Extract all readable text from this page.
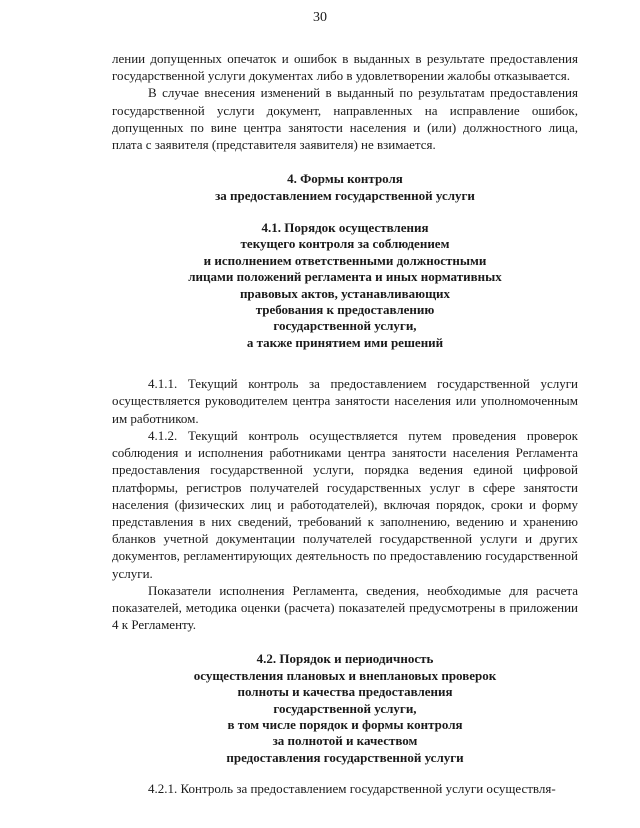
30

лении допущенных опечаток и ошибок в выданных в результате предоставления государственной услуги документах либо в удовлетворении жалобы отказывается.

В случае внесения изменений в выданный по результатам предоставления государственной услуги документ, направленных на исправление ошибок, допущенных по вине центра занятости населения и (или) должностного лица, плата с заявителя (представителя заявителя) не взимается.

4. Формы контроля
за предоставлением государственной услуги
4.1. Порядок осуществления
текущего контроля за соблюдением
и исполнением ответственными должностными
лицами положений регламента и иных нормативных
правовых актов, устанавливающих
требования к предоставлению
государственной услуги,
а также принятием ими решений

4.1.1. Текущий контроль за предоставлением государственной услуги осуществляется руководителем центра занятости населения или уполномоченным им работником.

4.1.2. Текущий контроль осуществляется путем проведения проверок соблюдения и исполнения работниками центра занятости населения Регламента предоставления государственной услуги, порядка ведения единой цифровой платформы, регистров получателей государственных услуг в сфере занятости населения (физических лиц и работодателей), включая порядок, сроки и форму представления в них сведений, требований к заполнению, ведению и хранению бланков учетной документации получателей государственной услуги и других документов, регламентирующих деятельность по предоставлению государственной услуги.

Показатели исполнения Регламента, сведения, необходимые для расчета показателей, методика оценки (расчета) показателей предусмотрены в приложении 4 к Регламенту.

4.2. Порядок и периодичность
осуществления плановых и внеплановых проверок
полноты и качества предоставления
государственной услуги,
в том числе порядок и формы контроля
за полнотой и качеством
предоставления государственной услуги

4.2.1. Контроль за предоставлением государственной услуги осуществля-
